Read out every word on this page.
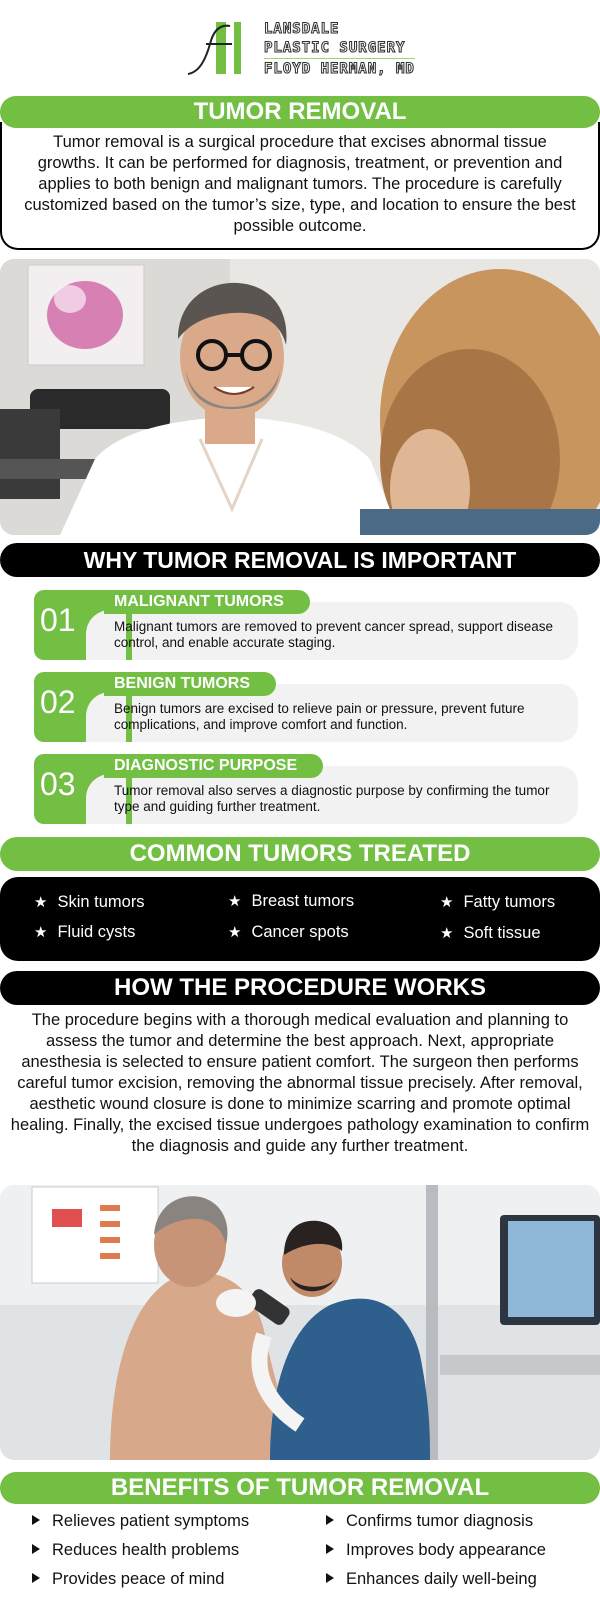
LANSDALE
PLASTIC SURGERY
FLOYD HERMAN, MD
TUMOR REMOVAL

Tumor removal is a surgical procedure that excises abnormal tissue growths. It can be performed for diagnosis, treatment, or prevention and applies to both benign and malignant tumors. The procedure is carefully customized based on the tumor’s size, type, and location to ensure the best possible outcome.

WHY TUMOR REMOVAL IS IMPORTANT
01
MALIGNANT TUMORS
Malignant tumors are removed to prevent cancer spread, support disease control, and enable accurate staging.
02
BENIGN TUMORS
Benign tumors are excised to relieve pain or pressure, prevent future complications, and improve comfort and function.
03
DIAGNOSTIC PURPOSE
Tumor removal also serves a diagnostic purpose by confirming the tumor type and guiding further treatment.
COMMON TUMORS TREATED
★ Skin tumors	★ Breast tumors	★ Fatty tumors
★ Fluid cysts	★ Cancer spots	★ Soft tissue
HOW THE PROCEDURE WORKS

The procedure begins with a thorough medical evaluation and planning to assess the tumor and determine the best approach. Next, appropriate anesthesia is selected to ensure patient comfort. The surgeon then performs careful tumor excision, removing the abnormal tissue precisely. After removal, aesthetic wound closure is done to minimize scarring and promote optimal healing. Finally, the excised tissue undergoes pathology examination to confirm the diagnosis and guide any further treatment.

BENEFITS OF TUMOR REMOVAL
Relieves patient symptoms	Confirms tumor diagnosis
Reduces health problems	Improves body appearance
Provides peace of mind	Enhances daily well-being
